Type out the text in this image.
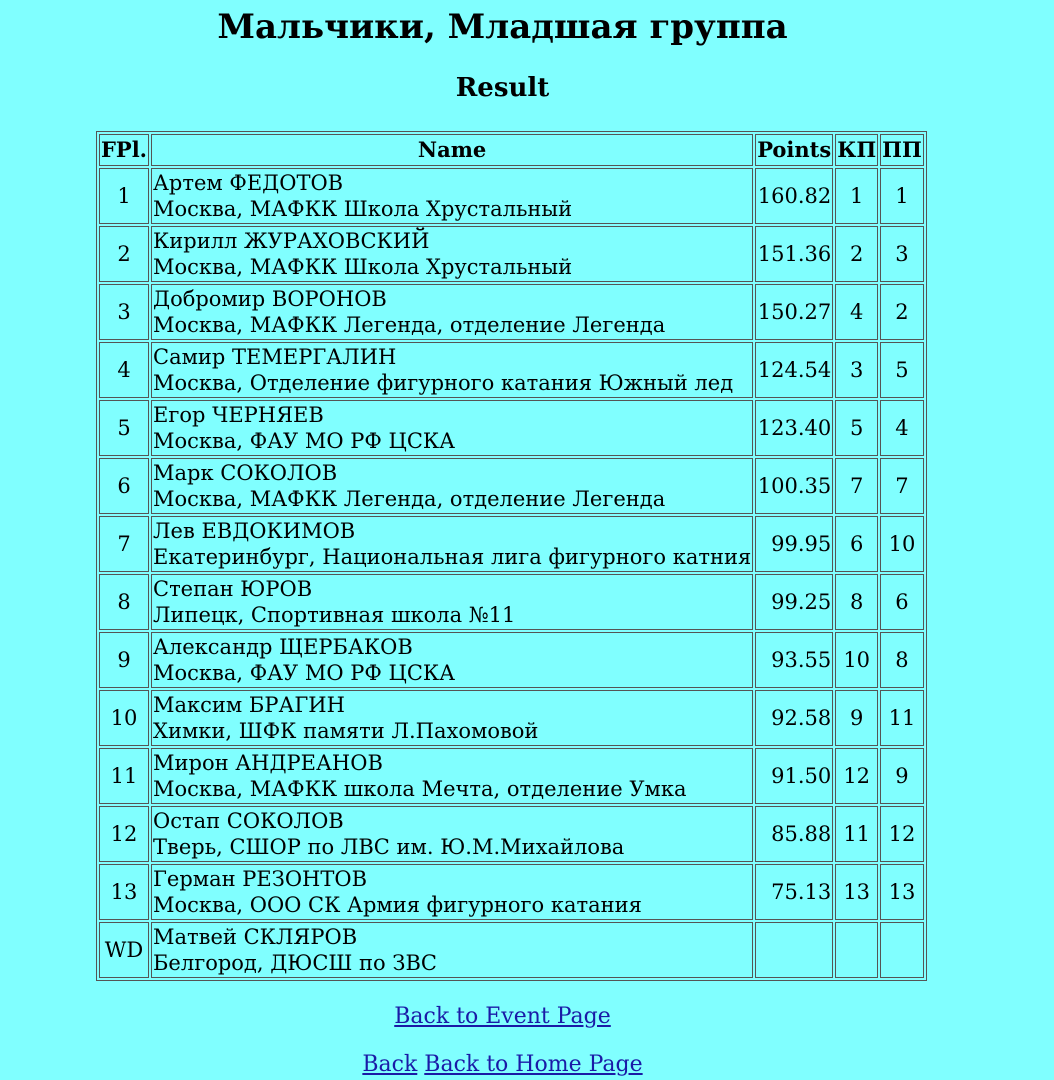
Мальчики, Младшая группа
Result
FPl.	Name	Points	КП	ПП
1	Артем ФЕДОТОВ
Москва, МАФКК Школа Хрустальный	160.82	1	1
2	Кирилл ЖУРАХОВСКИЙ
Москва, МАФКК Школа Хрустальный	151.36	2	3
3	Добромир ВОРОНОВ
Москва, МАФКК Легенда, отделение Легенда	150.27	4	2
4	Самир ТЕМЕРГАЛИН
Москва, Отделение фигурного катания Южный лед	124.54	3	5
5	Егор ЧЕРНЯЕВ
Москва, ФАУ МО РФ ЦСКА	123.40	5	4
6	Марк СОКОЛОВ
Москва, МАФКК Легенда, отделение Легенда	100.35	7	7
7	Лев ЕВДОКИМОВ
Екатеринбург, Национальная лига фигурного катния	99.95	6	10
8	Степан ЮРОВ
Липецк, Спортивная школа №11	99.25	8	6
9	Александр ЩЕРБАКОВ
Москва, ФАУ МО РФ ЦСКА	93.55	10	8
10	Максим БРАГИН
Химки, ШФК памяти Л.Пахомовой	92.58	9	11
11	Мирон АНДРЕАНОВ
Москва, МАФКК школа Мечта, отделение Умка	91.50	12	9
12	Остап СОКОЛОВ
Тверь, СШОР по ЛВС им. Ю.М.Михайлова	85.88	11	12
13	Герман РЕЗОНТОВ
Москва, ООО СК Армия фигурного катания	75.13	13	13
WD	Матвей СКЛЯРОВ
Белгород, ДЮСШ по ЗВС			

Back to Event Page
Back Back to Home Page
